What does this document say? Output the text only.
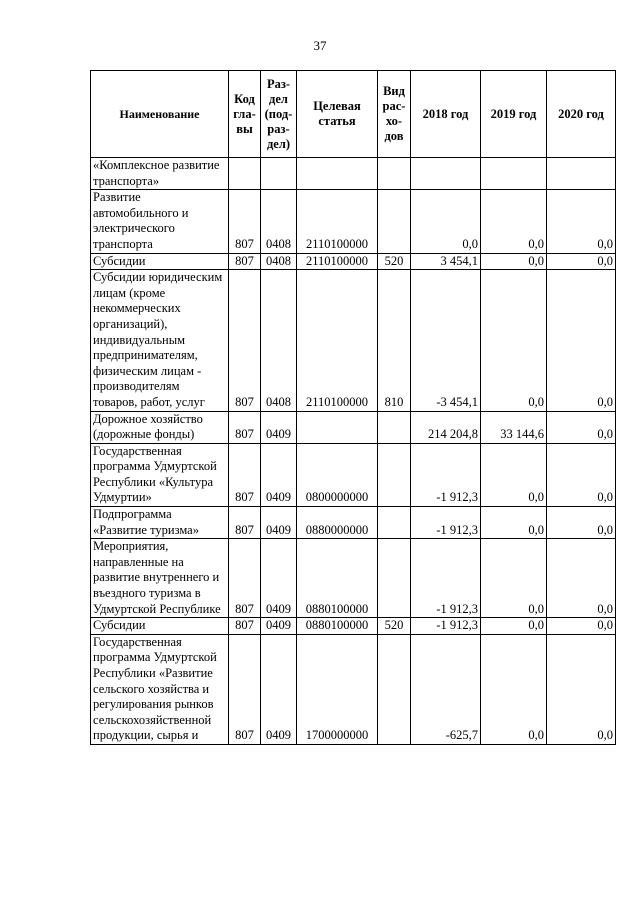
37
Наименование	Код гла-вы	Раз-дел (под-раз-дел)	Целевая статья	Вид рас-хо-дов	2018 год	2019 год	2020 год
«Комплексное развитие транспорта»							
Развитие автомобильного и электрического транспорта	807	0408	2110100000		0,0	0,0	0,0
Субсидии	807	0408	2110100000	520	3 454,1	0,0	0,0
Субсидии юридическим лицам (кроме некоммерческих организаций), индивидуальным предпринимателям, физическим лицам - производителям товаров, работ, услуг	807	0408	2110100000	810	-3 454,1	0,0	0,0
Дорожное хозяйство (дорожные фонды)	807	0409			214 204,8	33 144,6	0,0
Государственная программа Удмуртской Республики «Культура Удмуртии»	807	0409	0800000000		-1 912,3	0,0	0,0
Подпрограмма «Развитие туризма»	807	0409	0880000000		-1 912,3	0,0	0,0
Мероприятия, направленные на развитие внутреннего и въездного туризма в Удмуртской Республике	807	0409	0880100000		-1 912,3	0,0	0,0
Субсидии	807	0409	0880100000	520	-1 912,3	0,0	0,0
Государственная программа Удмуртской Республики «Развитие сельского хозяйства и регулирования рынков сельскохозяйственной продукции, сырья и	807	0409	1700000000		-625,7	0,0	0,0
